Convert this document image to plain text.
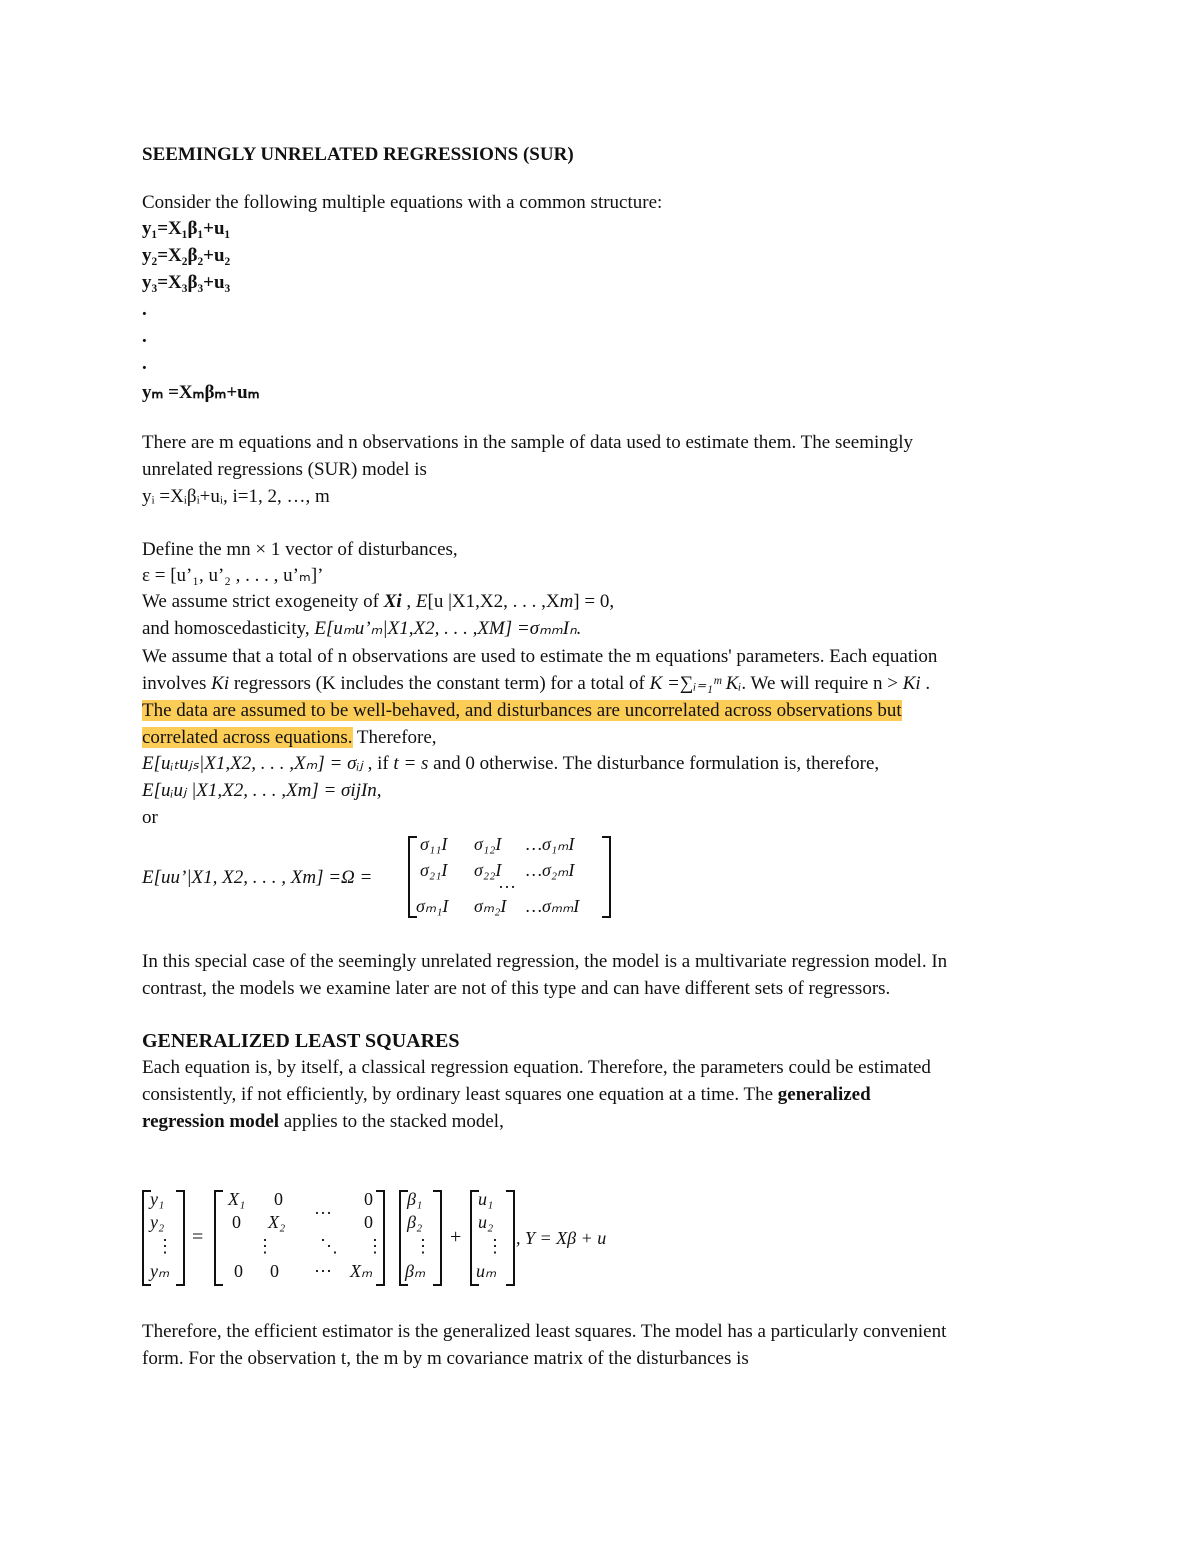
SEEMINGLY UNRELATED REGRESSIONS (SUR)
Consider the following multiple equations with a common structure:
y₁=X₁β₁+u₁
y₂=X₂β₂+u₂
y₃=X₃β₃+u₃
.
.
.
yₘ =Xₘβₘ+uₘ
There are m equations and n observations in the sample of data used to estimate them. The seemingly
unrelated regressions (SUR) model is
yᵢ =Xᵢβᵢ+uᵢ, i=1, 2, …, m
Define the mn × 1 vector of disturbances,
ε = [u’₁, u’₂ , . . . , u’ₘ]’
We assume strict exogeneity of Xi , E[u |X1,X2, . . . ,Xm] = 0,
and homoscedasticity, E[uₘu’ₘ|X1,X2, . . . ,XM] =σₘₘIₙ.
We assume that a total of n observations are used to estimate the m equations' parameters. Each equation
involves Ki regressors (K includes the constant term) for a total of K =∑ᵢ₌₁ᵐ Kᵢ. We will require n > Ki .
The data are assumed to be well-behaved, and disturbances are uncorrelated across observations but
correlated across equations. Therefore,
E[uᵢₜuⱼₛ|X1,X2, . . . ,Xₘ] = σᵢⱼ , if t = s and 0 otherwise. The disturbance formulation is, therefore,
E[uᵢuⱼ |X1,X2, . . . ,Xm] = σijIn,
or
E[uu’|X1, X2, . . . , Xm] =Ω =
σ₁₁I σ₁₂I …σ₁ₘI
σ₂₁I σ₂₂I …σ₂ₘI
…
σₘ₁I σₘ₂I …σₘₘI
In this special case of the seemingly unrelated regression, the model is a multivariate regression model. In
contrast, the models we examine later are not of this type and can have different sets of regressors.
GENERALIZED LEAST SQUARES
Each equation is, by itself, a classical regression equation. Therefore, the parameters could be estimated
consistently, if not efficiently, by ordinary least squares one equation at a time. The generalized
regression model applies to the stacked model,
y₁
y₂
⋮
yₘ
=
X₁ 0 … 0
0 X₂	0
⋮	⋱ ⋮
0 0 ⋯ Xₘ
β₁
β₂
⋮
βₘ
+
u₁
u₂
⋮
uₘ
, Y = Xβ + u
Therefore, the efficient estimator is the generalized least squares. The model has a particularly convenient
form. For the observation t, the m by m covariance matrix of the disturbances is
